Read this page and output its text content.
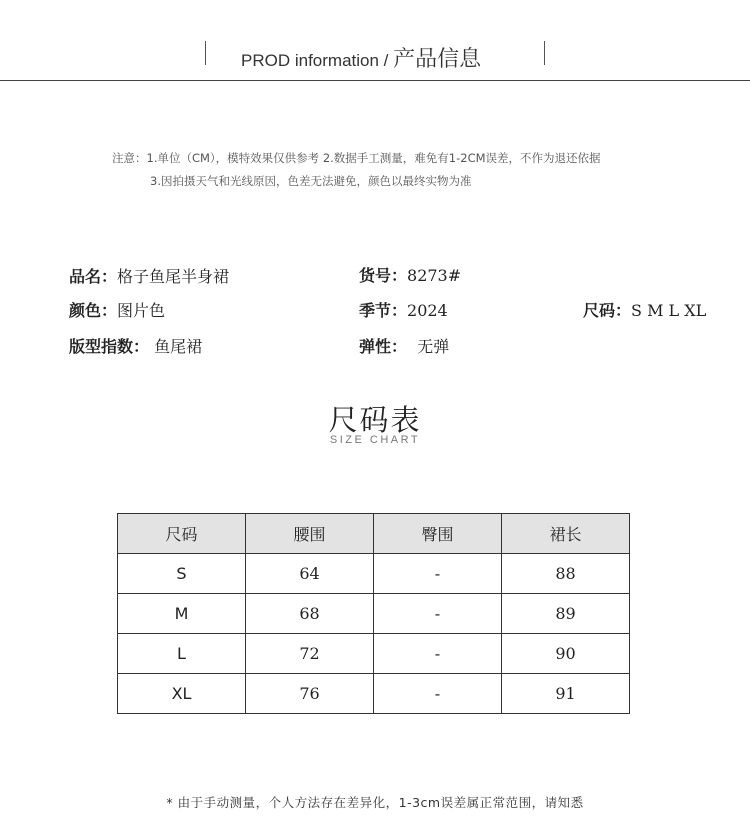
PROD information / 产品信息
注意：1.单位（CM），模特效果仅供参考 2.数据手工测量，难免有1-2CM误差，不作为退还依据
3.因拍摄天气和光线原因，色差无法避免，颜色以最终实物为准
品名：格子鱼尾半身裙	货号：8273#
颜色：图片色	季节：2024	尺码：S M L XL
版型指数： 鱼尾裙	弹性： 无弹
尺码表
SIZE CHART
尺码	腰围	臀围	裙长
S	64	-	88
M	68	-	89
L	72	-	90
XL	76	-	91
* 由于手动测量，个人方法存在差异化，1-3cm误差属正常范围，请知悉
